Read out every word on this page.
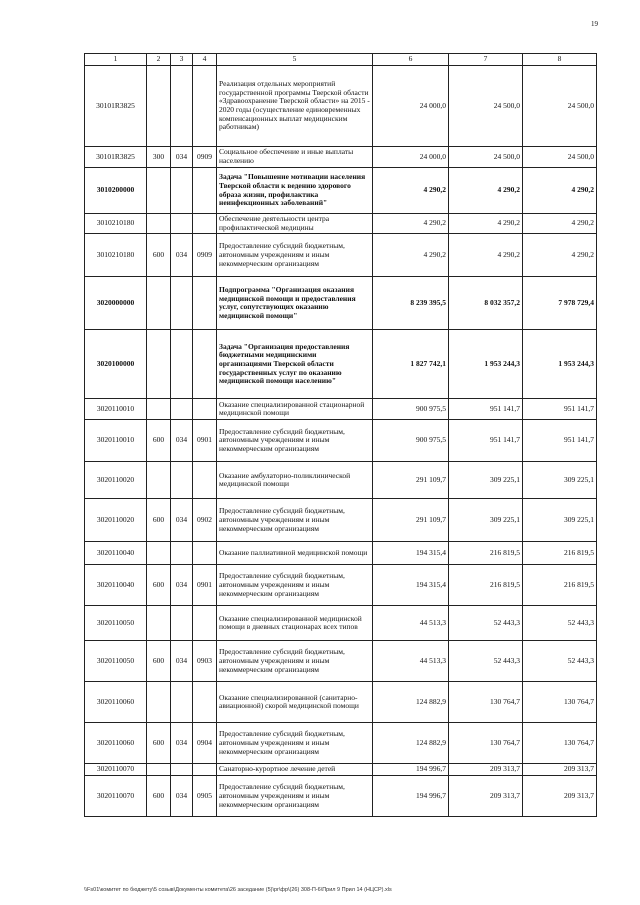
19
1	2	3	4	5	6	7	8
30101R3825				Реализация отдельных мероприятий государственной программы Тверской области «Здравоохранение Тверской области» на 2015 - 2020 годы (осуществление единовременных компенсационных выплат медицинским работникам)	24 000,0	24 500,0	24 500,0
30101R3825	300	034	0909	Социальное обеспечение и иные выплаты населению	24 000,0	24 500,0	24 500,0
3010200000				Задача "Повышение мотивации населения Тверской области к ведению здорового образа жизни, профилактика неинфекционных заболеваний"	4 290,2	4 290,2	4 290,2
3010210180				Обеспечение деятельности центра профилактической медицины	4 290,2	4 290,2	4 290,2
3010210180	600	034	0909	Предоставление субсидий бюджетным, автономным учреждениям и иным некоммерческим организациям	4 290,2	4 290,2	4 290,2
3020000000				Подпрограмма "Организация оказания медицинской помощи и предоставления услуг, сопутствующих оказанию медицинской помощи"	8 239 395,5	8 032 357,2	7 978 729,4
3020100000				Задача "Организация предоставления бюджетными медицинскими организациями Тверской области государственных услуг по оказанию медицинской помощи населению"	1 827 742,1	1 953 244,3	1 953 244,3
3020110010				Оказание специализированной стационарной медицинской помощи	900 975,5	951 141,7	951 141,7
3020110010	600	034	0901	Предоставление субсидий бюджетным, автономным учреждениям и иным некоммерческим организациям	900 975,5	951 141,7	951 141,7
3020110020				Оказание амбулаторно-поликлинической медицинской помощи	291 109,7	309 225,1	309 225,1
3020110020	600	034	0902	Предоставление субсидий бюджетным, автономным учреждениям и иным некоммерческим организациям	291 109,7	309 225,1	309 225,1
3020110040				Оказание паллиативной медицинской помощи	194 315,4	216 819,5	216 819,5
3020110040	600	034	0901	Предоставление субсидий бюджетным, автономным учреждениям и иным некоммерческим организациям	194 315,4	216 819,5	216 819,5
3020110050				Оказание специализированной медицинской помощи в дневных стационарах всех типов	44 513,3	52 443,3	52 443,3
3020110050	600	034	0903	Предоставление субсидий бюджетным, автономным учреждениям и иным некоммерческим организациям	44 513,3	52 443,3	52 443,3
3020110060				Оказание специализированной (санитарно-авиационной) скорой медицинской помощи	124 882,9	130 764,7	130 764,7
3020110060	600	034	0904	Предоставление субсидий бюджетным, автономным учреждениям и иным некоммерческим организациям	124 882,9	130 764,7	130 764,7
3020110070				Санаторно-курортное лечение детей	194 996,7	209 313,7	209 313,7
3020110070	600	034	0905	Предоставление субсидий бюджетным, автономным учреждениям и иным некоммерческим организациям	194 996,7	209 313,7	209 313,7
\\Fs01\комитет по бюджету\5 созыв\Документы комитета\26 заседание (5)\pr\фр\(26) 308-П-6\Прил 9 Прил 14 (НЦСР).xls
